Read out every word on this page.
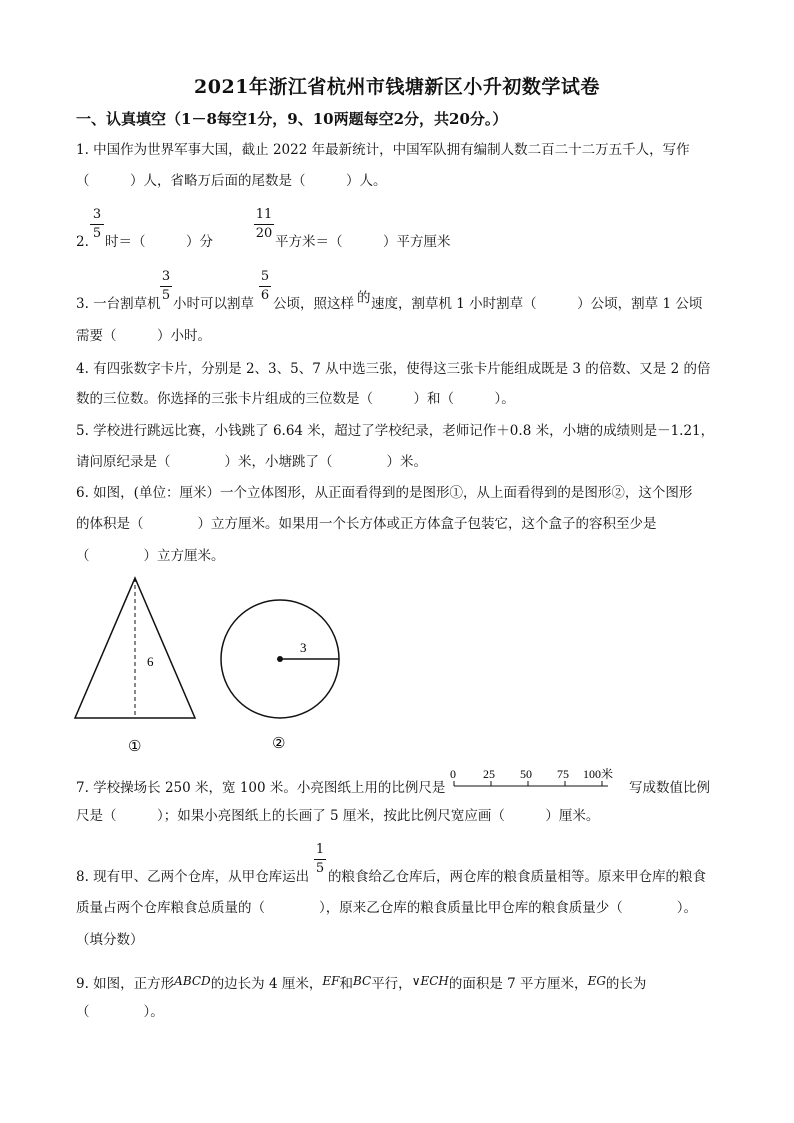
2021年浙江省杭州市钱塘新区小升初数学试卷
一、认真填空（1－8每空1分，9、10两题每空2分，共20分。）
1. 中国作为世界军事大国，截止 2022 年最新统计，中国军队拥有编制人数二百二十二万五千人，写作
（　　　）人，省略万后面的尾数是（　　　）人。
2.
3
5
时＝（　　　）分
11
20
平方米＝（　　　）平方厘米
3. 一台割草机
3
5
小时可以割草
5
6
公顷，照这样 的 速度，割草机 1 小时割草（　　　）公顷，割草 1 公顷
需要（　　　）小时。
4. 有四张数字卡片，分别是 2、3、5、7 从中选三张，使得这三张卡片能组成既是 3 的倍数、又是 2 的倍
数的三位数。你选择的三张卡片组成的三位数是（　　　）和（　　　）。
5. 学校进行跳远比赛，小钱跳了 6.64 米，超过了学校纪录，老师记作＋0.8 米，小塘的成绩则是－1.21，
请问原纪录是（　　　　）米，小塘跳了（　　　　）米。
6. 如图，(单位：厘米）一个立体图形，从正面看得到的是图形①，从上面看得到的是图形②，这个图形
的体积是（　　　　）立方厘米。如果用一个长方体或正方体盒子包装它，这个盒子的容积至少是
（　　　　）立方厘米。
6
3
①	②
7. 学校操场长 250 米，宽 100 米。小亮图纸上用的比例尺是
0 25 50 75 100米
写成数值比例
尺是（　　　）；如果小亮图纸上的长画了 5 厘米，按此比例尺宽应画（　　　）厘米。
8. 现有甲、乙两个仓库，从甲仓库运出
1
5
的粮食给乙仓库后，两仓库的粮食质量相等。原来甲仓库的粮食
质量占两个仓库粮食总质量的（　　　　），原来乙仓库的粮食质量比甲仓库的粮食质量少（　　　　）。
（填分数）
9. 如图，正方形ABCD的边长为 4 厘米，EF和BC平行，∨ECH的面积是 7 平方厘米，EG的长为
（　　　　）。
